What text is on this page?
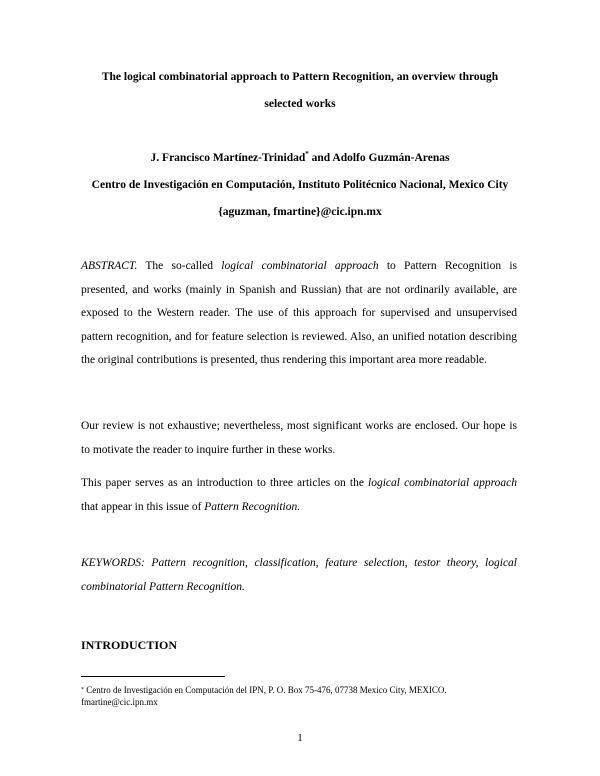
The logical combinatorial approach to Pattern Recognition, an overview through
selected works
J. Francisco Martínez-Trinidad* and Adolfo Guzmán-Arenas
Centro de Investigación en Computación, Instituto Politécnico Nacional, Mexico City
{aguzman, fmartine}@cic.ipn.mx
ABSTRACT. The so-called logical combinatorial approach to Pattern Recognition is presented, and works (mainly in Spanish and Russian) that are not ordinarily available, are exposed to the Western reader. The use of this approach for supervised and unsupervised pattern recognition, and for feature selection is reviewed. Also, an unified notation describing the original contributions is presented, thus rendering this important area more readable.
Our review is not exhaustive; nevertheless, most significant works are enclosed. Our hope is to motivate the reader to inquire further in these works.
This paper serves as an introduction to three articles on the logical combinatorial approach that appear in this issue of Pattern Recognition.
KEYWORDS: Pattern recognition, classification, feature selection, testor theory, logical combinatorial Pattern Recognition.
INTRODUCTION
* Centro de Investigación en Computación del IPN, P. O. Box 75-476, 07738 Mexico City, MEXICO.
fmartine@cic.ipn.mx
1
